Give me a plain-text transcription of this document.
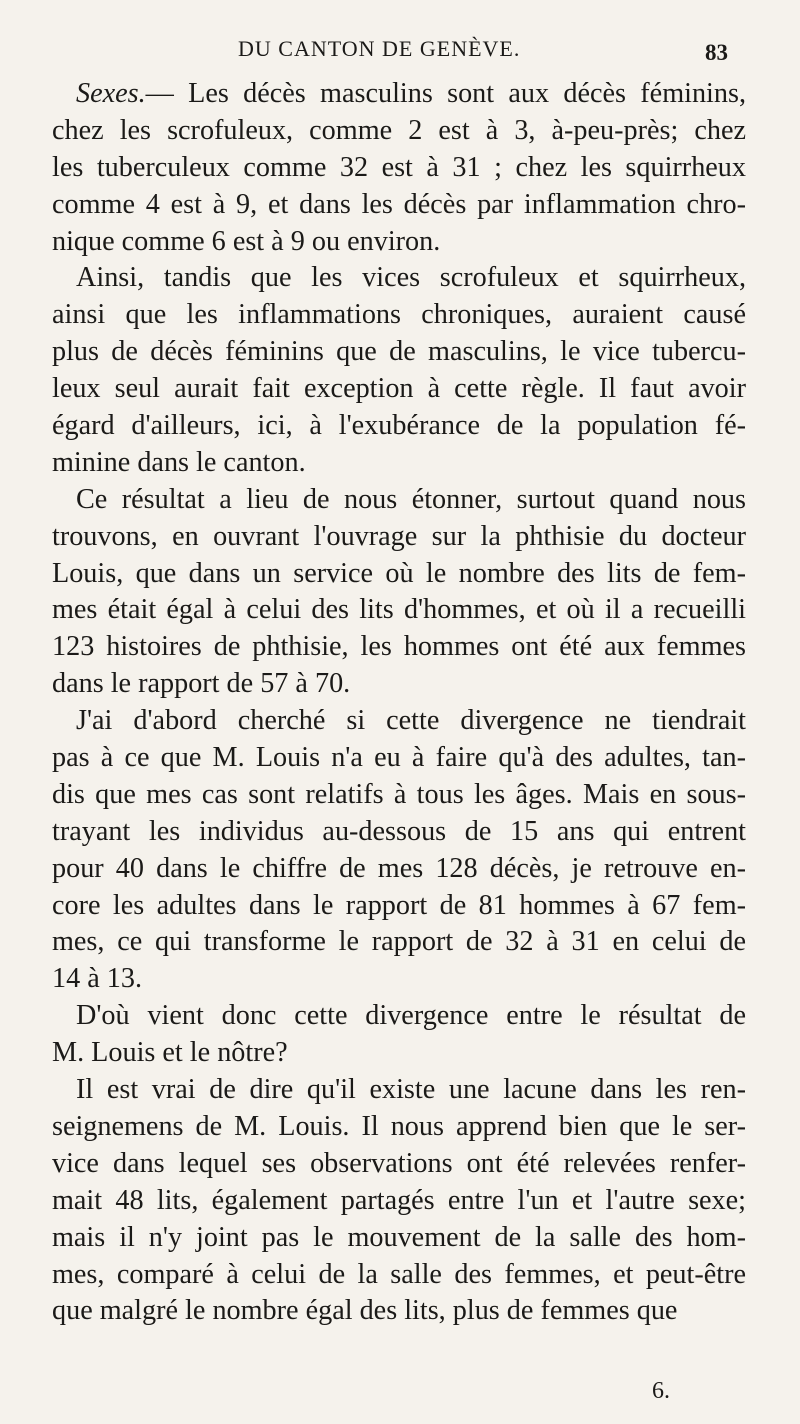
DU CANTON DE GENÈVE.	83
Sexes.— Les décès masculins sont aux décès féminins,
chez les scrofuleux, comme 2 est à 3, à-peu-près; chez
les tuberculeux comme 32 est à 31 ; chez les squirrheux
comme 4 est à 9, et dans les décès par inflammation chro-
nique comme 6 est à 9 ou environ.
Ainsi, tandis que les vices scrofuleux et squirrheux,
ainsi que les inflammations chroniques, auraient causé
plus de décès féminins que de masculins, le vice tubercu-
leux seul aurait fait exception à cette règle. Il faut avoir
égard d'ailleurs, ici, à l'exubérance de la population fé-
minine dans le canton.
Ce résultat a lieu de nous étonner, surtout quand nous
trouvons, en ouvrant l'ouvrage sur la phthisie du docteur
Louis, que dans un service où le nombre des lits de fem-
mes était égal à celui des lits d'hommes, et où il a recueilli
123 histoires de phthisie, les hommes ont été aux femmes
dans le rapport de 57 à 70.
J'ai d'abord cherché si cette divergence ne tiendrait
pas à ce que M. Louis n'a eu à faire qu'à des adultes, tan-
dis que mes cas sont relatifs à tous les âges. Mais en sous-
trayant les individus au-dessous de 15 ans qui entrent
pour 40 dans le chiffre de mes 128 décès, je retrouve en-
core les adultes dans le rapport de 81 hommes à 67 fem-
mes, ce qui transforme le rapport de 32 à 31 en celui de
14 à 13.
D'où vient donc cette divergence entre le résultat de
M. Louis et le nôtre?
Il est vrai de dire qu'il existe une lacune dans les ren-
seignemens de M. Louis. Il nous apprend bien que le ser-
vice dans lequel ses observations ont été relevées renfer-
mait 48 lits, également partagés entre l'un et l'autre sexe;
mais il n'y joint pas le mouvement de la salle des hom-
mes, comparé à celui de la salle des femmes, et peut-être
que malgré le nombre égal des lits, plus de femmes que
6.
